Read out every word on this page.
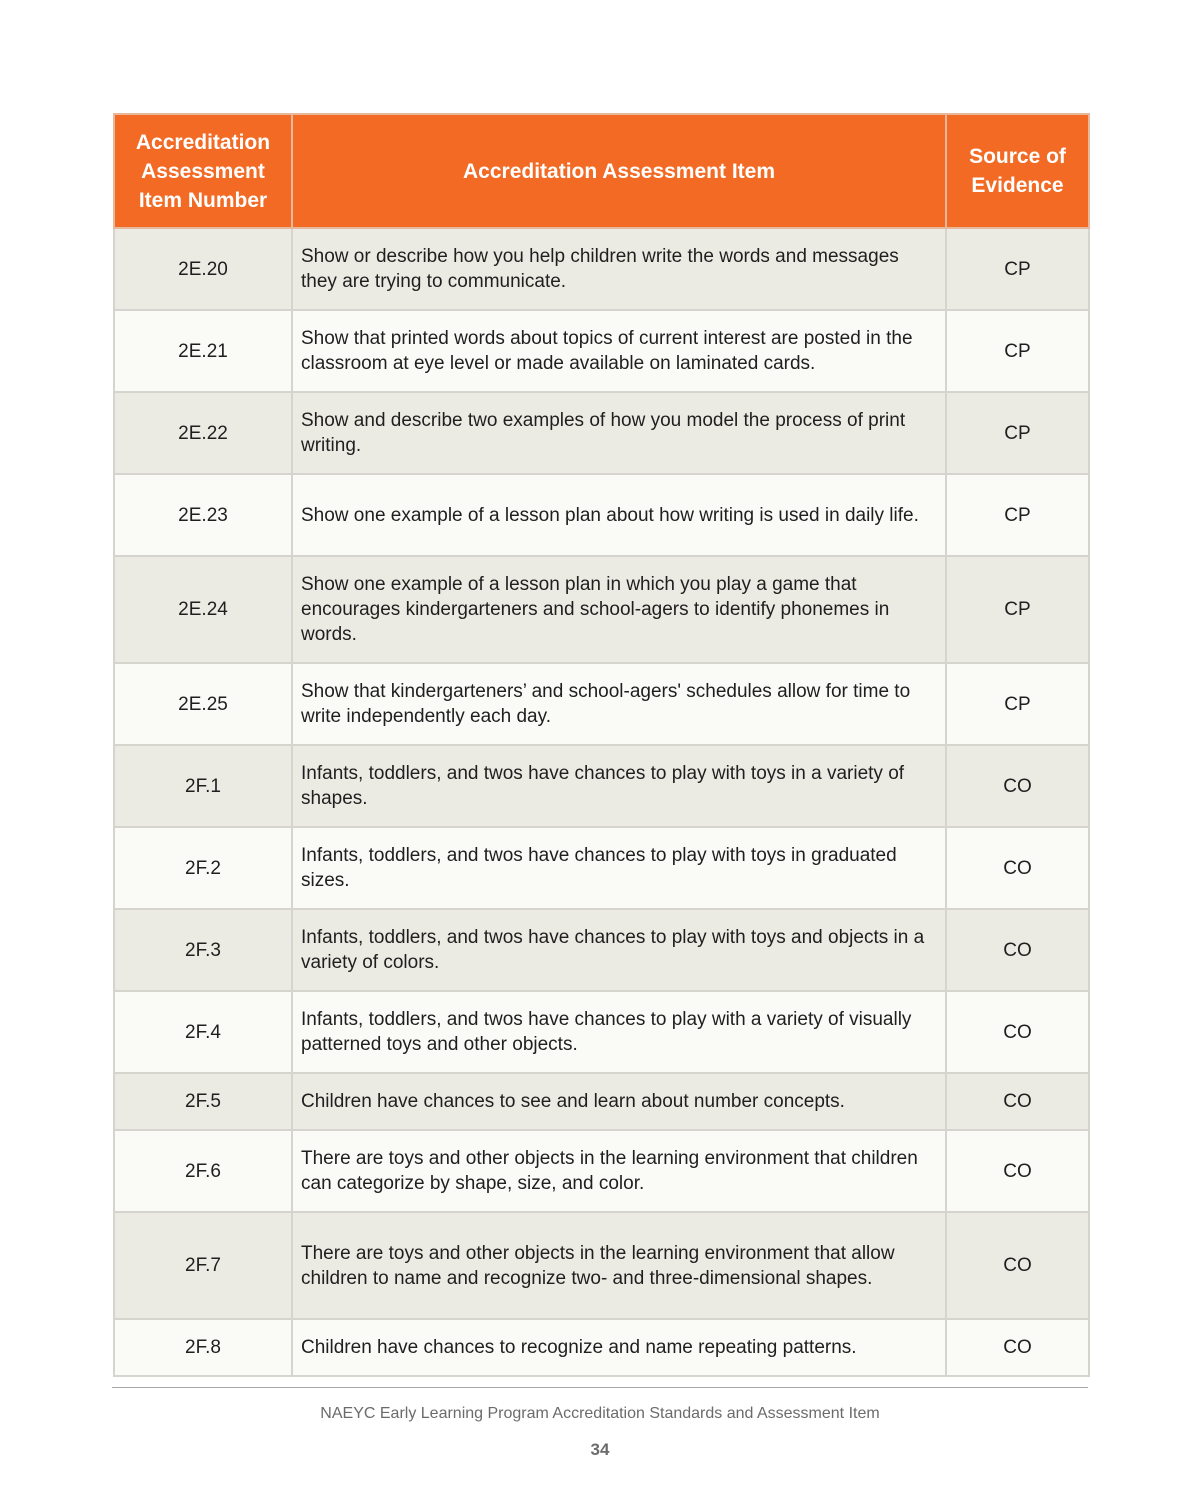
Accreditation Assessment Item Number	Accreditation Assessment Item	Source of Evidence
2E.20	Show or describe how you help children write the words and messages they are trying to communicate.	CP
2E.21	Show that printed words about topics of current interest are posted in the classroom at eye level or made available on laminated cards.	CP
2E.22	Show and describe two examples of how you model the process of print writing.	CP
2E.23	Show one example of a lesson plan about how writing is used in daily life.	CP
2E.24	Show one example of a lesson plan in which you play a game that encourages kindergarteners and school-agers to identify phonemes in words.	CP
2E.25	Show that kindergarteners’ and school-agers' schedules allow for time to write independently each day.	CP
2F.1	Infants, toddlers, and twos have chances to play with toys in a variety of shapes.	CO
2F.2	Infants, toddlers, and twos have chances to play with toys in graduated sizes.	CO
2F.3	Infants, toddlers, and twos have chances to play with toys and objects in a variety of colors.	CO
2F.4	Infants, toddlers, and twos have chances to play with a variety of visually patterned toys and other objects.	CO
2F.5	Children have chances to see and learn about number concepts.	CO
2F.6	There are toys and other objects in the learning environment that children can categorize by shape, size, and color.	CO
2F.7	There are toys and other objects in the learning environment that allow children to name and recognize two- and three-dimensional shapes.	CO
2F.8	Children have chances to recognize and name repeating patterns.	CO
NAEYC Early Learning Program Accreditation Standards and Assessment Item
34
